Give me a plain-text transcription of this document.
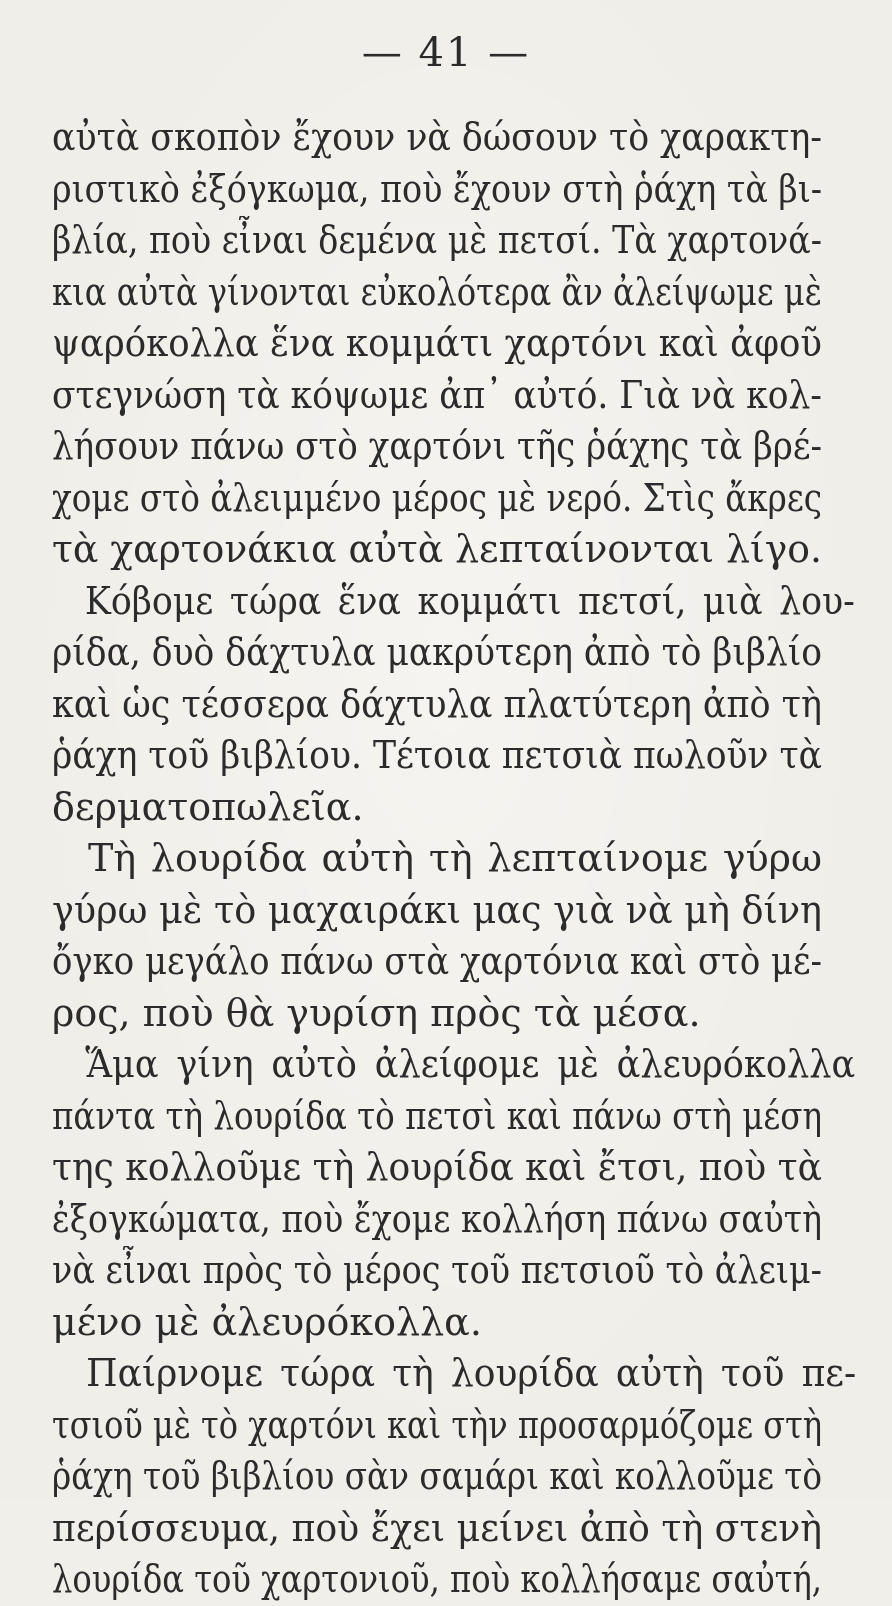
— 41 —
αὐτὰ σκοπὸν ἔχουν νὰ δώσουν τὸ χαρακτη-
ριστικὸ ἐξόγκωμα, ποὺ ἔχουν στὴ ῥάχη τὰ βι-
βλία, ποὺ εἶναι δεμένα μὲ πετσί. Τὰ χαρτονά-
κια αὐτὰ γίνονται εὐκολότερα ἂν ἀλείψωμε μὲ
ψαρόκολλα ἕνα κομμάτι χαρτόνι καὶ ἀφοῦ
στεγνώση τὰ κόψωμε ἀπ᾿ αὐτό. Γιὰ νὰ κολ-
λήσουν πάνω στὸ χαρτόνι τῆς ῥάχης τὰ βρέ-
χομε στὸ ἀλειμμένο μέρος μὲ νερό. Στὶς ἄκρες
τὰ χαρτονάκια αὐτὰ λεπταίνονται λίγο.
Κόβομε τώρα ἕνα κομμάτι πετσί, μιὰ λου-
ρίδα, δυὸ δάχτυλα μακρύτερη ἀπὸ τὸ βιβλίο
καὶ ὡς τέσσερα δάχτυλα πλατύτερη ἀπὸ τὴ
ῥάχη τοῦ βιβλίου. Τέτοια πετσιὰ πωλοῦν τὰ
δερματοπωλεῖα.
Τὴ λουρίδα αὐτὴ τὴ λεπταίνομε γύρω
γύρω μὲ τὸ μαχαιράκι μας γιὰ νὰ μὴ δίνη
ὄγκο μεγάλο πάνω στὰ χαρτόνια καὶ στὸ μέ-
ρος, ποὺ θὰ γυρίση πρὸς τὰ μέσα.
Ἅμα γίνη αὐτὸ ἀλείφομε μὲ ἀλευρόκολλα
πάντα τὴ λουρίδα τὸ πετσὶ καὶ πάνω στὴ μέση
της κολλοῦμε τὴ λουρίδα καὶ ἔτσι, ποὺ τὰ
ἐξογκώματα, ποὺ ἔχομε κολλήση πάνω σαὐτὴ
νὰ εἶναι πρὸς τὸ μέρος τοῦ πετσιοῦ τὸ ἀλειμ-
μένο μὲ ἀλευρόκολλα.
Παίρνομε τώρα τὴ λουρίδα αὐτὴ τοῦ πε-
τσιοῦ μὲ τὸ χαρτόνι καὶ τὴν προσαρμόζομε στὴ
ῥάχη τοῦ βιβλίου σὰν σαμάρι καὶ κολλοῦμε τὸ
περίσσευμα, ποὺ ἔχει μείνει ἀπὸ τὴ στενὴ
λουρίδα τοῦ χαρτονιοῦ, ποὺ κολλήσαμε σαὐτή,
